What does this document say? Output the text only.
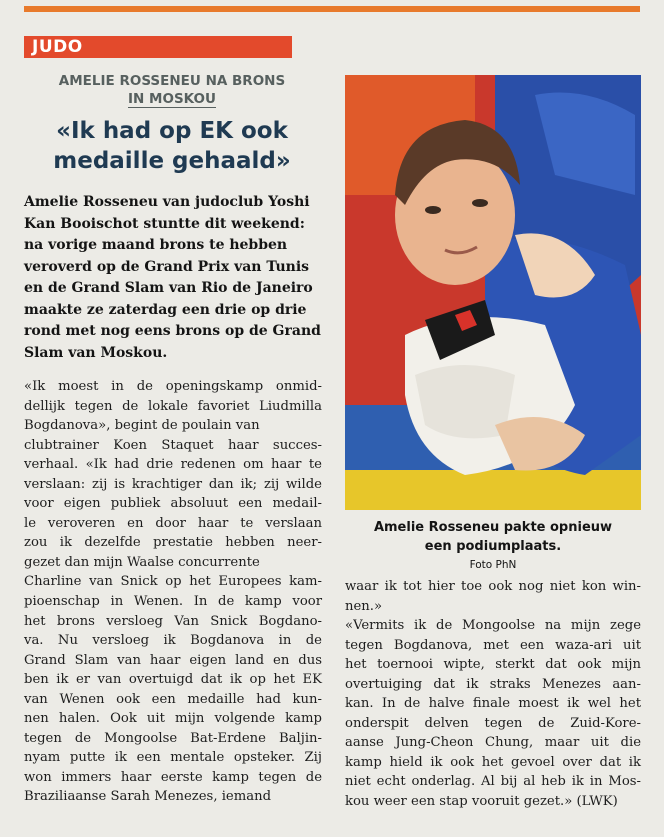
JUDO
AMELIE ROSSENEU NA BRONS
IN MOSKOU
«Ik had op EK ook
medaille gehaald»
Amelie Rosseneu van judoclub Yoshi
Kan Booischot stuntte dit weekend:
na vorige maand brons te hebben
veroverd op de Grand Prix van Tunis
en de Grand Slam van Rio de Janeiro
maakte ze zaterdag een drie op drie
rond met nog eens brons op de Grand
Slam van Moskou.
«Ik moest in de openingskamp onmid-
dellijk tegen de lokale favoriet Liudmilla
Bogdanova», begint de poulain van
clubtrainer Koen Staquet haar succes-
verhaal. «Ik had drie redenen om haar te
verslaan: zij is krachtiger dan ik; zij wilde
voor eigen publiek absoluut een medail-
le veroveren en door haar te verslaan
zou ik dezelfde prestatie hebben neer-
gezet dan mijn Waalse concurrente
Charline van Snick op het Europees kam-
pioenschap in Wenen. In de kamp voor
het brons versloeg Van Snick Bogdano-
va. Nu versloeg ik Bogdanova in de
Grand Slam van haar eigen land en dus
ben ik er van overtuigd dat ik op het EK
van Wenen ook een medaille had kun-
nen halen. Ook uit mijn volgende kamp
tegen de Mongoolse Bat-Erdene Baljin-
nyam putte ik een mentale opsteker. Zij
won immers haar eerste kamp tegen de
Braziliaanse Sarah Menezes, iemand
waar ik tot hier toe ook nog niet kon win-
nen.»
«Vermits ik de Mongoolse na mijn zege
tegen Bogdanova, met een waza-ari uit
het toernooi wipte, sterkt dat ook mijn
overtuiging dat ik straks Menezes aan-
kan. In de halve finale moest ik wel het
onderspit delven tegen de Zuid-Kore-
aanse Jung-Cheon Chung, maar uit die
kamp hield ik ook het gevoel over dat ik
niet echt onderlag. Al bij al heb ik in Mos-
kou weer een stap vooruit gezet.» (LWK)
Amelie Rosseneu pakte opnieuw
een podiumplaats.
Foto PhN
